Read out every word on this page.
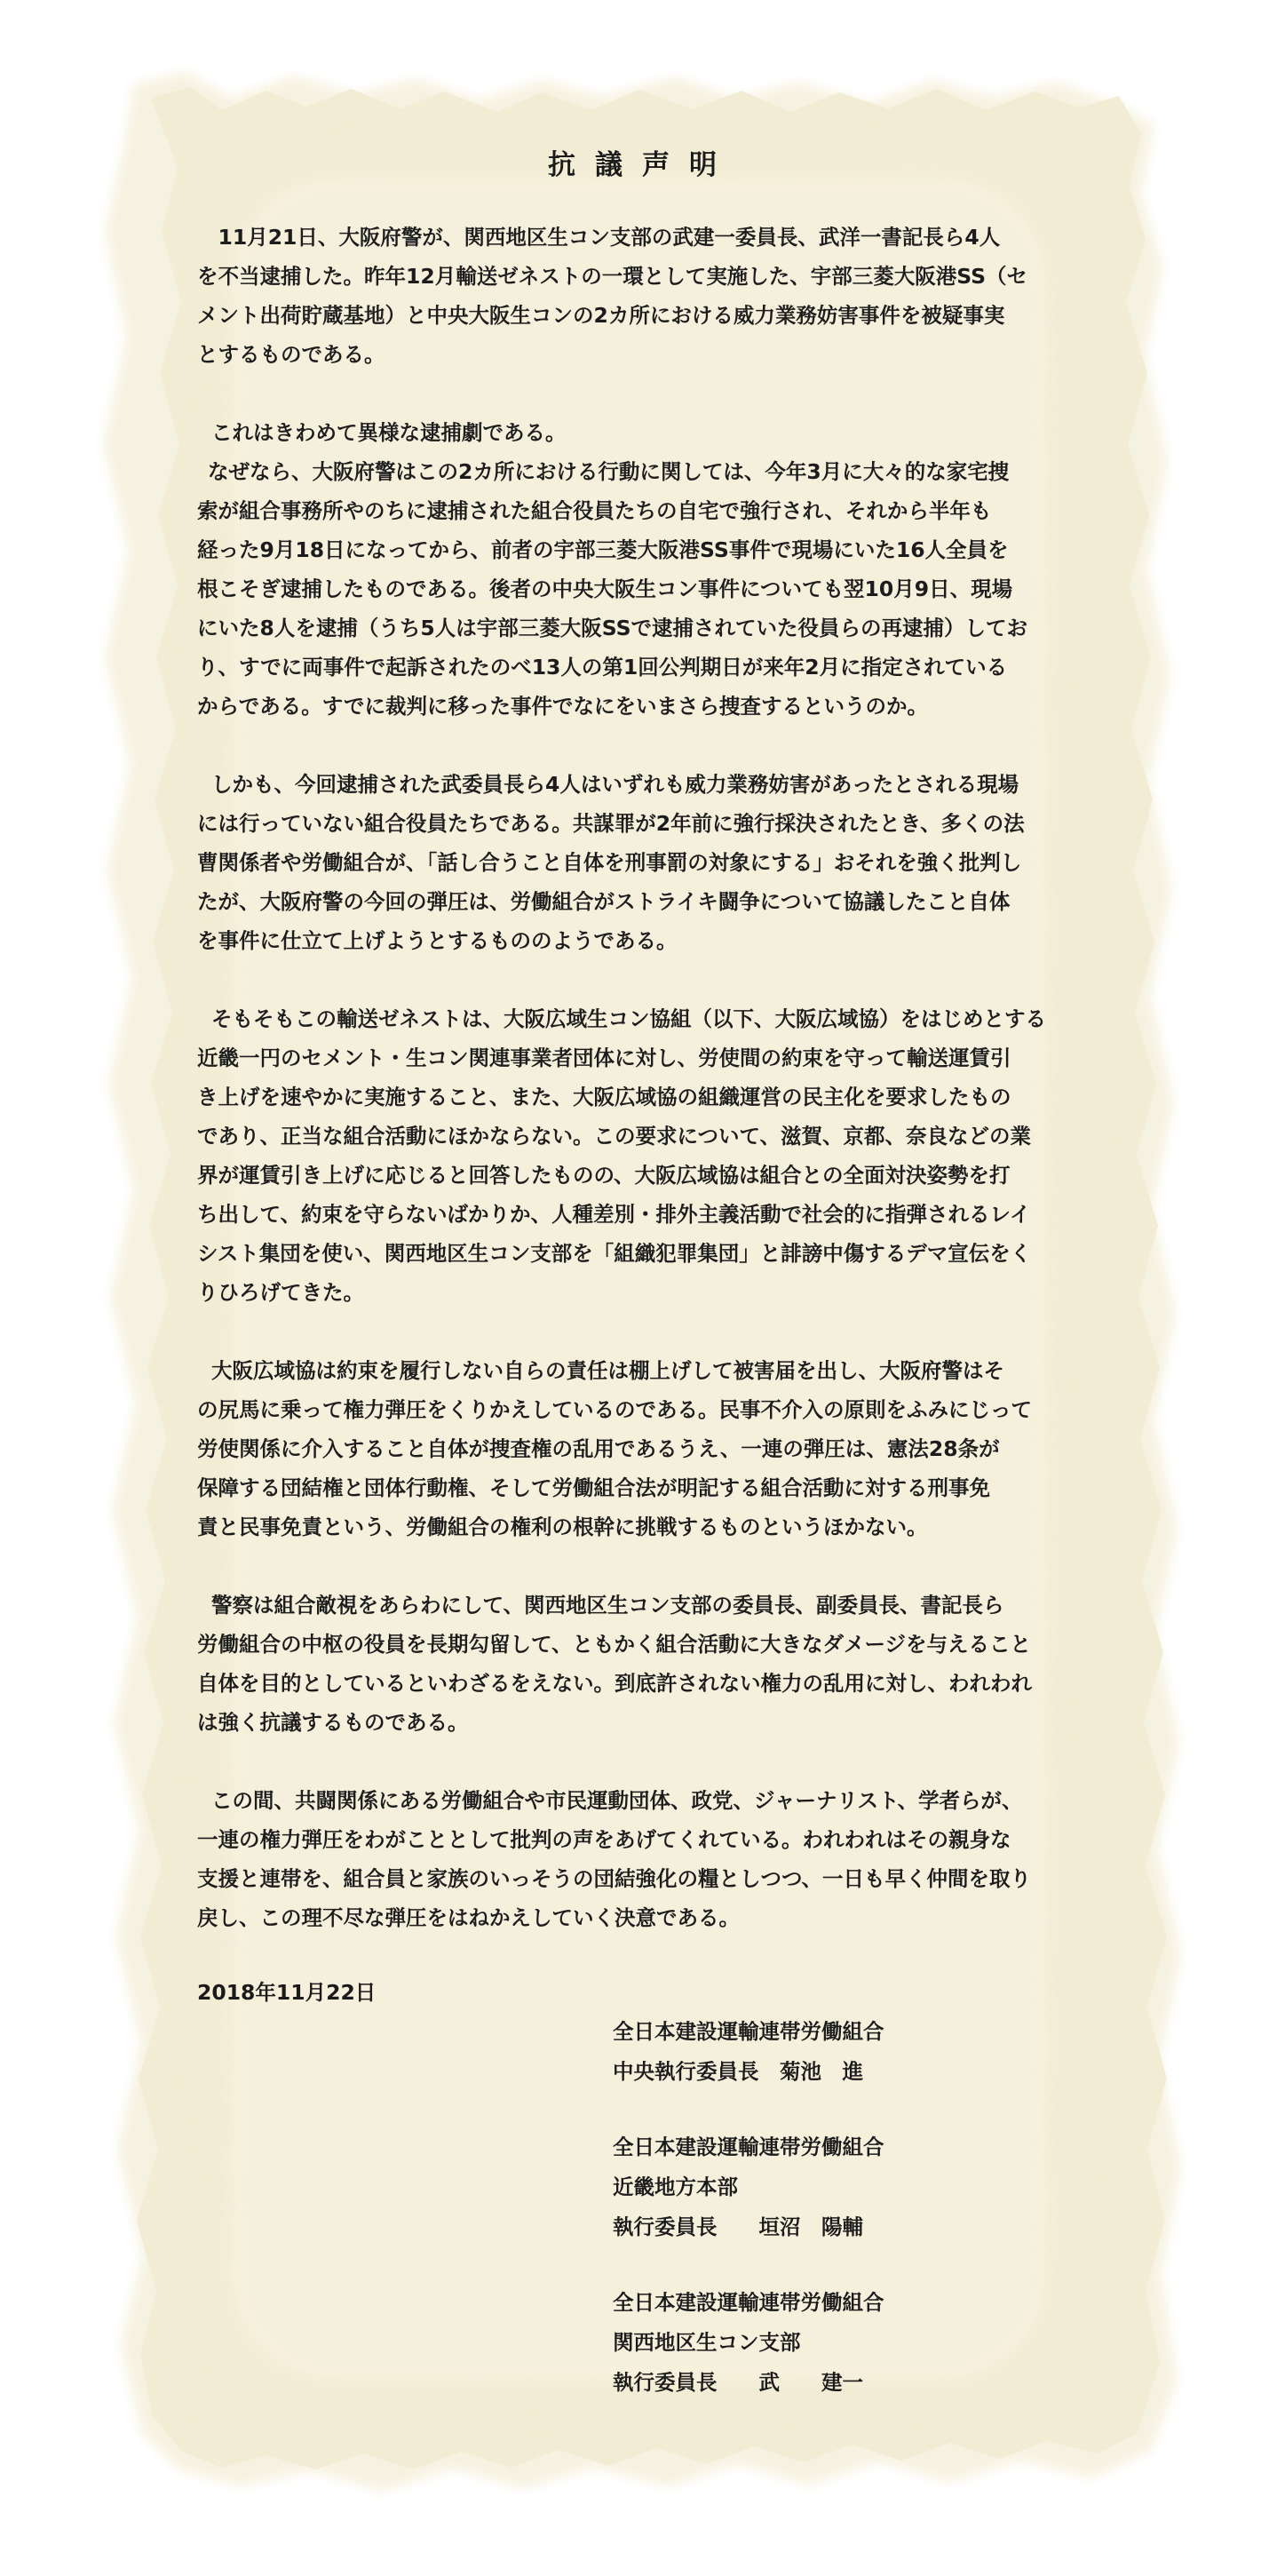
抗議声明
　11月21日、大阪府警が、関西地区生コン支部の武建一委員長、武洋一書記長ら4人
を不当逮捕した。昨年12月輸送ゼネストの一環として実施した、宇部三菱大阪港SS（セ
メント出荷貯蔵基地）と中央大阪生コンの2カ所における威力業務妨害事件を被疑事実
とするものである。
これはきわめて異様な逮捕劇である。
なぜなら、大阪府警はこの2カ所における行動に関しては、今年3月に大々的な家宅捜
索が組合事務所やのちに逮捕された組合役員たちの自宅で強行され、それから半年も
経った9月18日になってから、前者の宇部三菱大阪港SS事件で現場にいた16人全員を
根こそぎ逮捕したものである。後者の中央大阪生コン事件についても翌10月9日、現場
にいた8人を逮捕（うち5人は宇部三菱大阪SSで逮捕されていた役員らの再逮捕）してお
り、すでに両事件で起訴されたのべ13人の第1回公判期日が来年2月に指定されている
からである。すでに裁判に移った事件でなにをいまさら捜査するというのか。
しかも、今回逮捕された武委員長ら4人はいずれも威力業務妨害があったとされる現場
には行っていない組合役員たちである。共謀罪が2年前に強行採決されたとき、多くの法
曹関係者や労働組合が、「話し合うこと自体を刑事罰の対象にする」おそれを強く批判し
たが、大阪府警の今回の弾圧は、労働組合がストライキ闘争について協議したこと自体
を事件に仕立て上げようとするもののようである。
そもそもこの輸送ゼネストは、大阪広域生コン協組（以下、大阪広域協）をはじめとする
近畿一円のセメント・生コン関連事業者団体に対し、労使間の約束を守って輸送運賃引
き上げを速やかに実施すること、また、大阪広域協の組織運営の民主化を要求したもの
であり、正当な組合活動にほかならない。この要求について、滋賀、京都、奈良などの業
界が運賃引き上げに応じると回答したものの、大阪広域協は組合との全面対決姿勢を打
ち出して、約束を守らないばかりか、人種差別・排外主義活動で社会的に指弾されるレイ
シスト集団を使い、関西地区生コン支部を「組織犯罪集団」と誹謗中傷するデマ宣伝をく
りひろげてきた。
大阪広域協は約束を履行しない自らの責任は棚上げして被害届を出し、大阪府警はそ
の尻馬に乗って権力弾圧をくりかえしているのである。民事不介入の原則をふみにじって
労使関係に介入すること自体が捜査権の乱用であるうえ、一連の弾圧は、憲法28条が
保障する団結権と団体行動権、そして労働組合法が明記する組合活動に対する刑事免
責と民事免責という、労働組合の権利の根幹に挑戦するものというほかない。
警察は組合敵視をあらわにして、関西地区生コン支部の委員長、副委員長、書記長ら
労働組合の中枢の役員を長期勾留して、ともかく組合活動に大きなダメージを与えること
自体を目的としているといわざるをえない。到底許されない権力の乱用に対し、われわれ
は強く抗議するものである。
この間、共闘関係にある労働組合や市民運動団体、政党、ジャーナリスト、学者らが、
一連の権力弾圧をわがこととして批判の声をあげてくれている。われわれはその親身な
支援と連帯を、組合員と家族のいっそうの団結強化の糧としつつ、一日も早く仲間を取り
戻し、この理不尽な弾圧をはねかえしていく決意である。
2018年11月22日
全日本建設運輸連帯労働組合
中央執行委員長　菊池　進
全日本建設運輸連帯労働組合
近畿地方本部
執行委員長　　垣沼　陽輔
全日本建設運輸連帯労働組合
関西地区生コン支部
執行委員長　　武　　建一
